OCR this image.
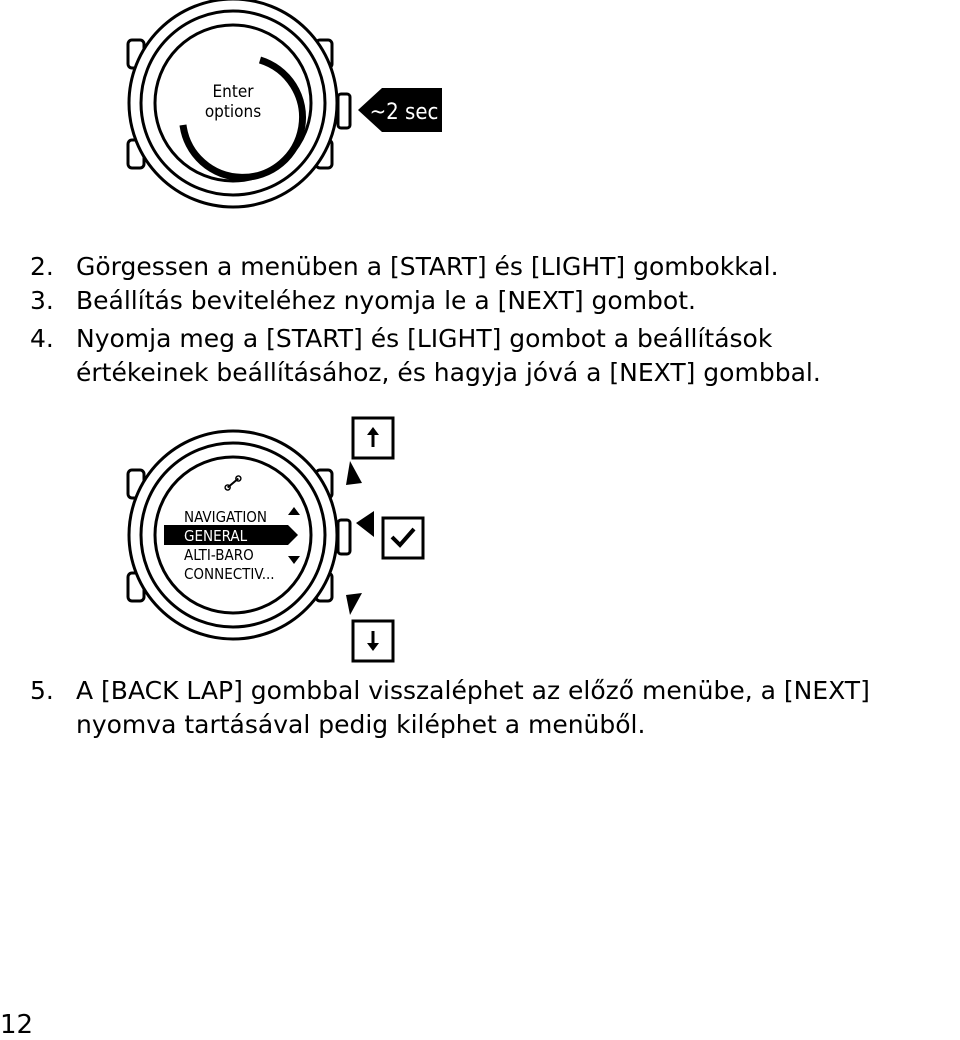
Enter
options	~2 sec
2. Görgessen a menüben a [START] és [LIGHT] gombokkal.
3. Beállítás beviteléhez nyomja le a [NEXT] gombot.
4. Nyomja meg a [START] és [LIGHT] gombot a beállítások
értékeinek beállításához, és hagyja jóvá a [NEXT] gombbal.
NAVIGATION
GENERAL
ALTI-BARO
CONNECTIV...
5. A [BACK LAP] gombbal visszaléphet az előző menübe, a [NEXT]
nyomva tartásával pedig kiléphet a menüből.
12
